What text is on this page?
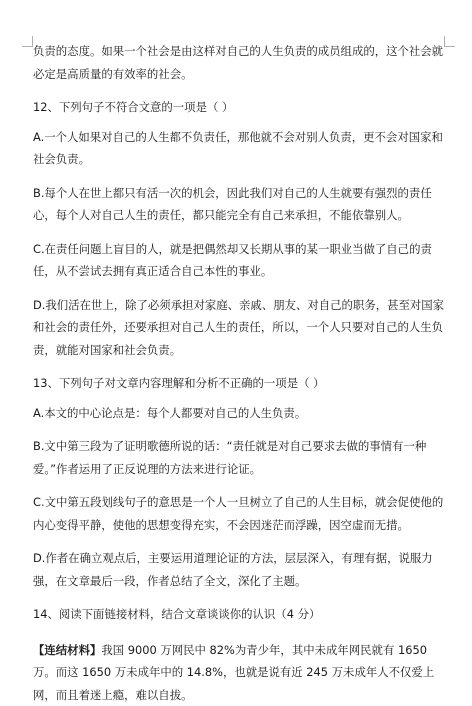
负责的态度。如果一个社会是由这样对自己的人生负责的成员组成的，这个社会就必定是高质量的有效率的社会。

12、下列句子不符合文意的一项是（ ）

A.一个人如果对自己的人生都不负责任，那他就不会对别人负责，更不会对国家和社会负责。

B.每个人在世上都只有活一次的机会，因此我们对自己的人生就要有强烈的责任心，每个人对自己人生的责任，都只能完全有自己来承担，不能依靠别人。

C.在责任问题上盲目的人，就是把偶然却又长期从事的某一职业当做了自己的责任，从不尝试去拥有真正适合自己本性的事业。

D.我们活在世上，除了必须承担对家庭、亲戚、朋友、对自己的职务，甚至对国家和社会的责任外，还要承担对自己人生的责任，所以，一个人只要对自己的人生负责，就能对国家和社会负责。

13、下列句子对文章内容理解和分析不正确的一项是（ ）

A.本文的中心论点是：每个人都要对自己的人生负责。

B.文中第三段为了证明歌德所说的话：“责任就是对自己要求去做的事情有一种爱。”作者运用了正反说理的方法来进行论证。

C.文中第五段划线句子的意思是一个人一旦树立了自己的人生目标，就会促使他的内心变得平静，使他的思想变得充实，不会因迷茫而浮躁，因空虚而无措。

D.作者在确立观点后，主要运用道理论证的方法，层层深入，有理有据，说服力强，在文章最后一段，作者总结了全文，深化了主题。

14、阅读下面链接材料，结合文章谈谈你的认识（4 分）

【连结材料】我国 9000 万网民中 82%为青少年，其中未成年网民就有 1650 万。而这 1650 万未成年中的 14.8%，也就是说有近 245 万未成年人不仅爱上网，而且着迷上瘾，难以自拔。
